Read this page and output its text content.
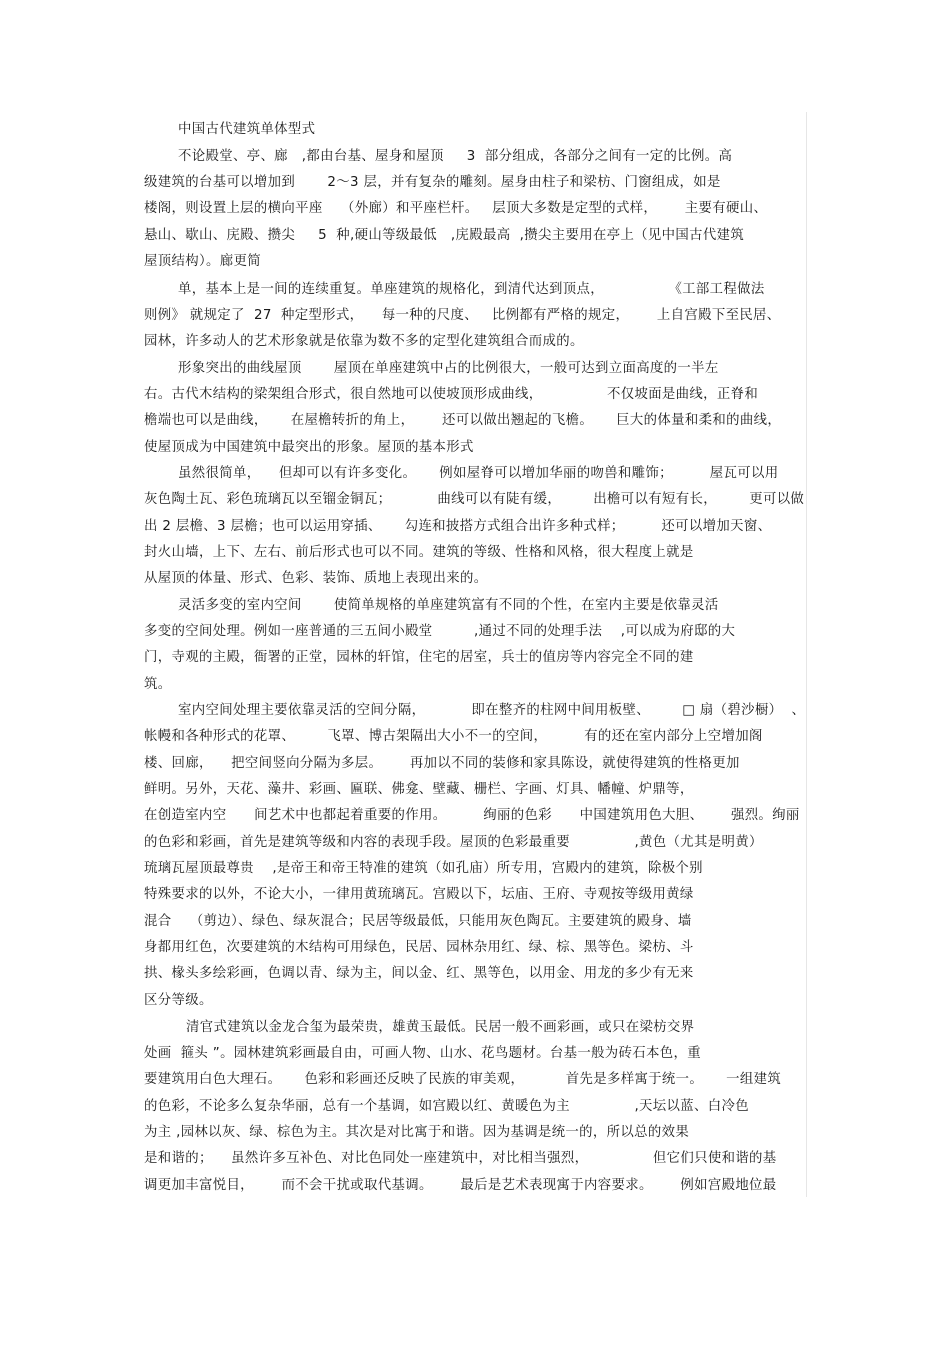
中国古代建筑单体型式
不论殿堂、亭、廊   ,都由台基、屋身和屋顶     3  部分组成，各部分之间有一定的比例。高
级建筑的台基可以增加到       2～3 层，并有复杂的雕刻。屋身由柱子和梁枋、门窗组成，如是
楼阁，则设置上层的横向平座    （外廊）和平座栏杆。   层顶大多数是定型的式样，      主要有硬山、
悬山、歇山、庑殿、攒尖     5  种,硬山等级最低   ,庑殿最高  ,攒尖主要用在亭上（见中国古代建筑
屋顶结构）。廊更简
单，基本上是一间的连续重复。单座建筑的规格化，到清代达到顶点，              《工部工程做法
则例》 就规定了  27  种定型形式，    每一种的尺度、   比例都有严格的规定，      上自宫殿下至民居、
园林，许多动人的艺术形象就是依靠为数不多的定型化建筑组合而成的。
形象突出的曲线屋顶       屋顶在单座建筑中占的比例很大，一般可达到立面高度的一半左
右。古代木结构的梁架组合形式，很自然地可以使坡顶形成曲线，              不仅坡面是曲线，正脊和
檐端也可以是曲线，     在屋檐转折的角上，      还可以做出翘起的飞檐。     巨大的体量和柔和的曲线，
使屋顶成为中国建筑中最突出的形象。屋顶的基本形式
虽然很简单，    但却可以有许多变化。     例如屋脊可以增加华丽的吻兽和雕饰；        屋瓦可以用
灰色陶土瓦、彩色琉璃瓦以至镏金铜瓦；          曲线可以有陡有缓，       出檐可以有短有长，       更可以做
出 2 层檐、3 层檐；也可以运用穿插、     勾连和披搭方式组合出许多种式样；        还可以增加天窗、
封火山墙，上下、左右、前后形式也可以不同。建筑的等级、性格和风格，很大程度上就是
从屋顶的体量、形式、色彩、装饰、质地上表现出来的。
灵活多变的室内空间       使简单规格的单座建筑富有不同的个性，在室内主要是依靠灵活
多变的空间处理。例如一座普通的三五间小殿堂         ,通过不同的处理手法    ,可以成为府邸的大
门，寺观的主殿，衙署的正堂，园林的轩馆，住宅的居室，兵士的值房等内容完全不同的建
筑。
室内空间处理主要依靠灵活的空间分隔，          即在整齐的柱网中间用板壁、       □ 扇（碧沙橱）  、
帐幔和各种形式的花罩、       飞罩、博古架隔出大小不一的空间，        有的还在室内部分上空增加阁
楼、回廊，    把空间竖向分隔为多层。      再加以不同的装修和家具陈设，就使得建筑的性格更加
鲜明。另外，天花、藻井、彩画、匾联、佛龛、壁藏、栅栏、字画、灯具、幡幢、炉鼎等，
在创造室内空      间艺术中也都起着重要的作用。        绚丽的色彩      中国建筑用色大胆、      强烈。绚丽
的色彩和彩画，首先是建筑等级和内容的表现手段。屋顶的色彩最重要              ,黄色（尤其是明黄）
琉璃瓦屋顶最尊贵    ,是帝王和帝王特准的建筑（如孔庙）所专用，宫殿内的建筑，除极个别
特殊要求的以外，不论大小，一律用黄琉璃瓦。宫殿以下，坛庙、王府、寺观按等级用黄绿
混合    （剪边）、绿色、绿灰混合；民居等级最低，只能用灰色陶瓦。主要建筑的殿身、墙
身都用红色，次要建筑的木结构可用绿色，民居、园林杂用红、绿、棕、黑等色。梁枋、斗
拱、椽头多绘彩画，色调以青、绿为主，间以金、红、黑等色，以用金、用龙的多少有无来
区分等级。
清官式建筑以金龙合玺为最荣贵，雄黄玉最低。民居一般不画彩画，或只在梁枋交界
处画  箍头 ”。园林建筑彩画最自由，可画人物、山水、花鸟题材。台基一般为砖石本色，重
要建筑用白色大理石。     色彩和彩画还反映了民族的审美观，         首先是多样寓于统一。     一组建筑
的色彩，不论多么复杂华丽，总有一个基调，如宫殿以红、黄暖色为主              ,天坛以蓝、白冷色
为主 ,园林以灰、绿、棕色为主。其次是对比寓于和谐。因为基调是统一的，所以总的效果
是和谐的；    虽然许多互补色、对比色同处一座建筑中，对比相当强烈，              但它们只使和谐的基
调更加丰富悦目，      而不会干扰或取代基调。      最后是艺术表现寓于内容要求。      例如宫殿地位最
